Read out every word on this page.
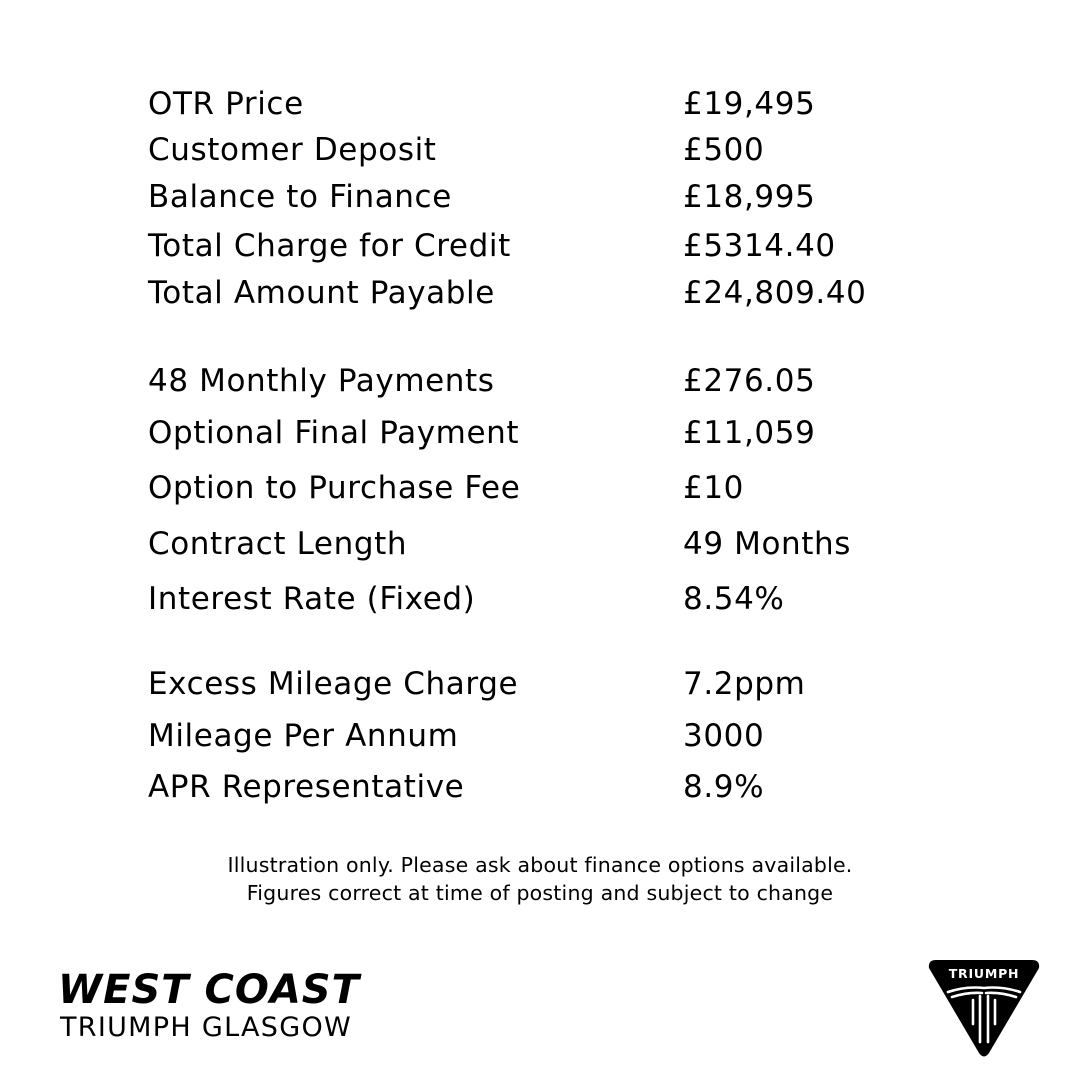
OTR Price	£19,495
Customer Deposit	£500
Balance to Finance	£18,995
Total Charge for Credit	£5314.40
Total Amount Payable	£24,809.40
48 Monthly Payments	£276.05
Optional Final Payment	£11,059
Option to Purchase Fee	£10
Contract Length	49 Months
Interest Rate (Fixed)	8.54%
Excess Mileage Charge	7.2ppm
Mileage Per Annum	3000
APR Representative	8.9%
Illustration only. Please ask about finance options available.
Figures correct at time of posting and subject to change
WEST COAST
TRIUMPH GLASGOW
TRIUMPH
